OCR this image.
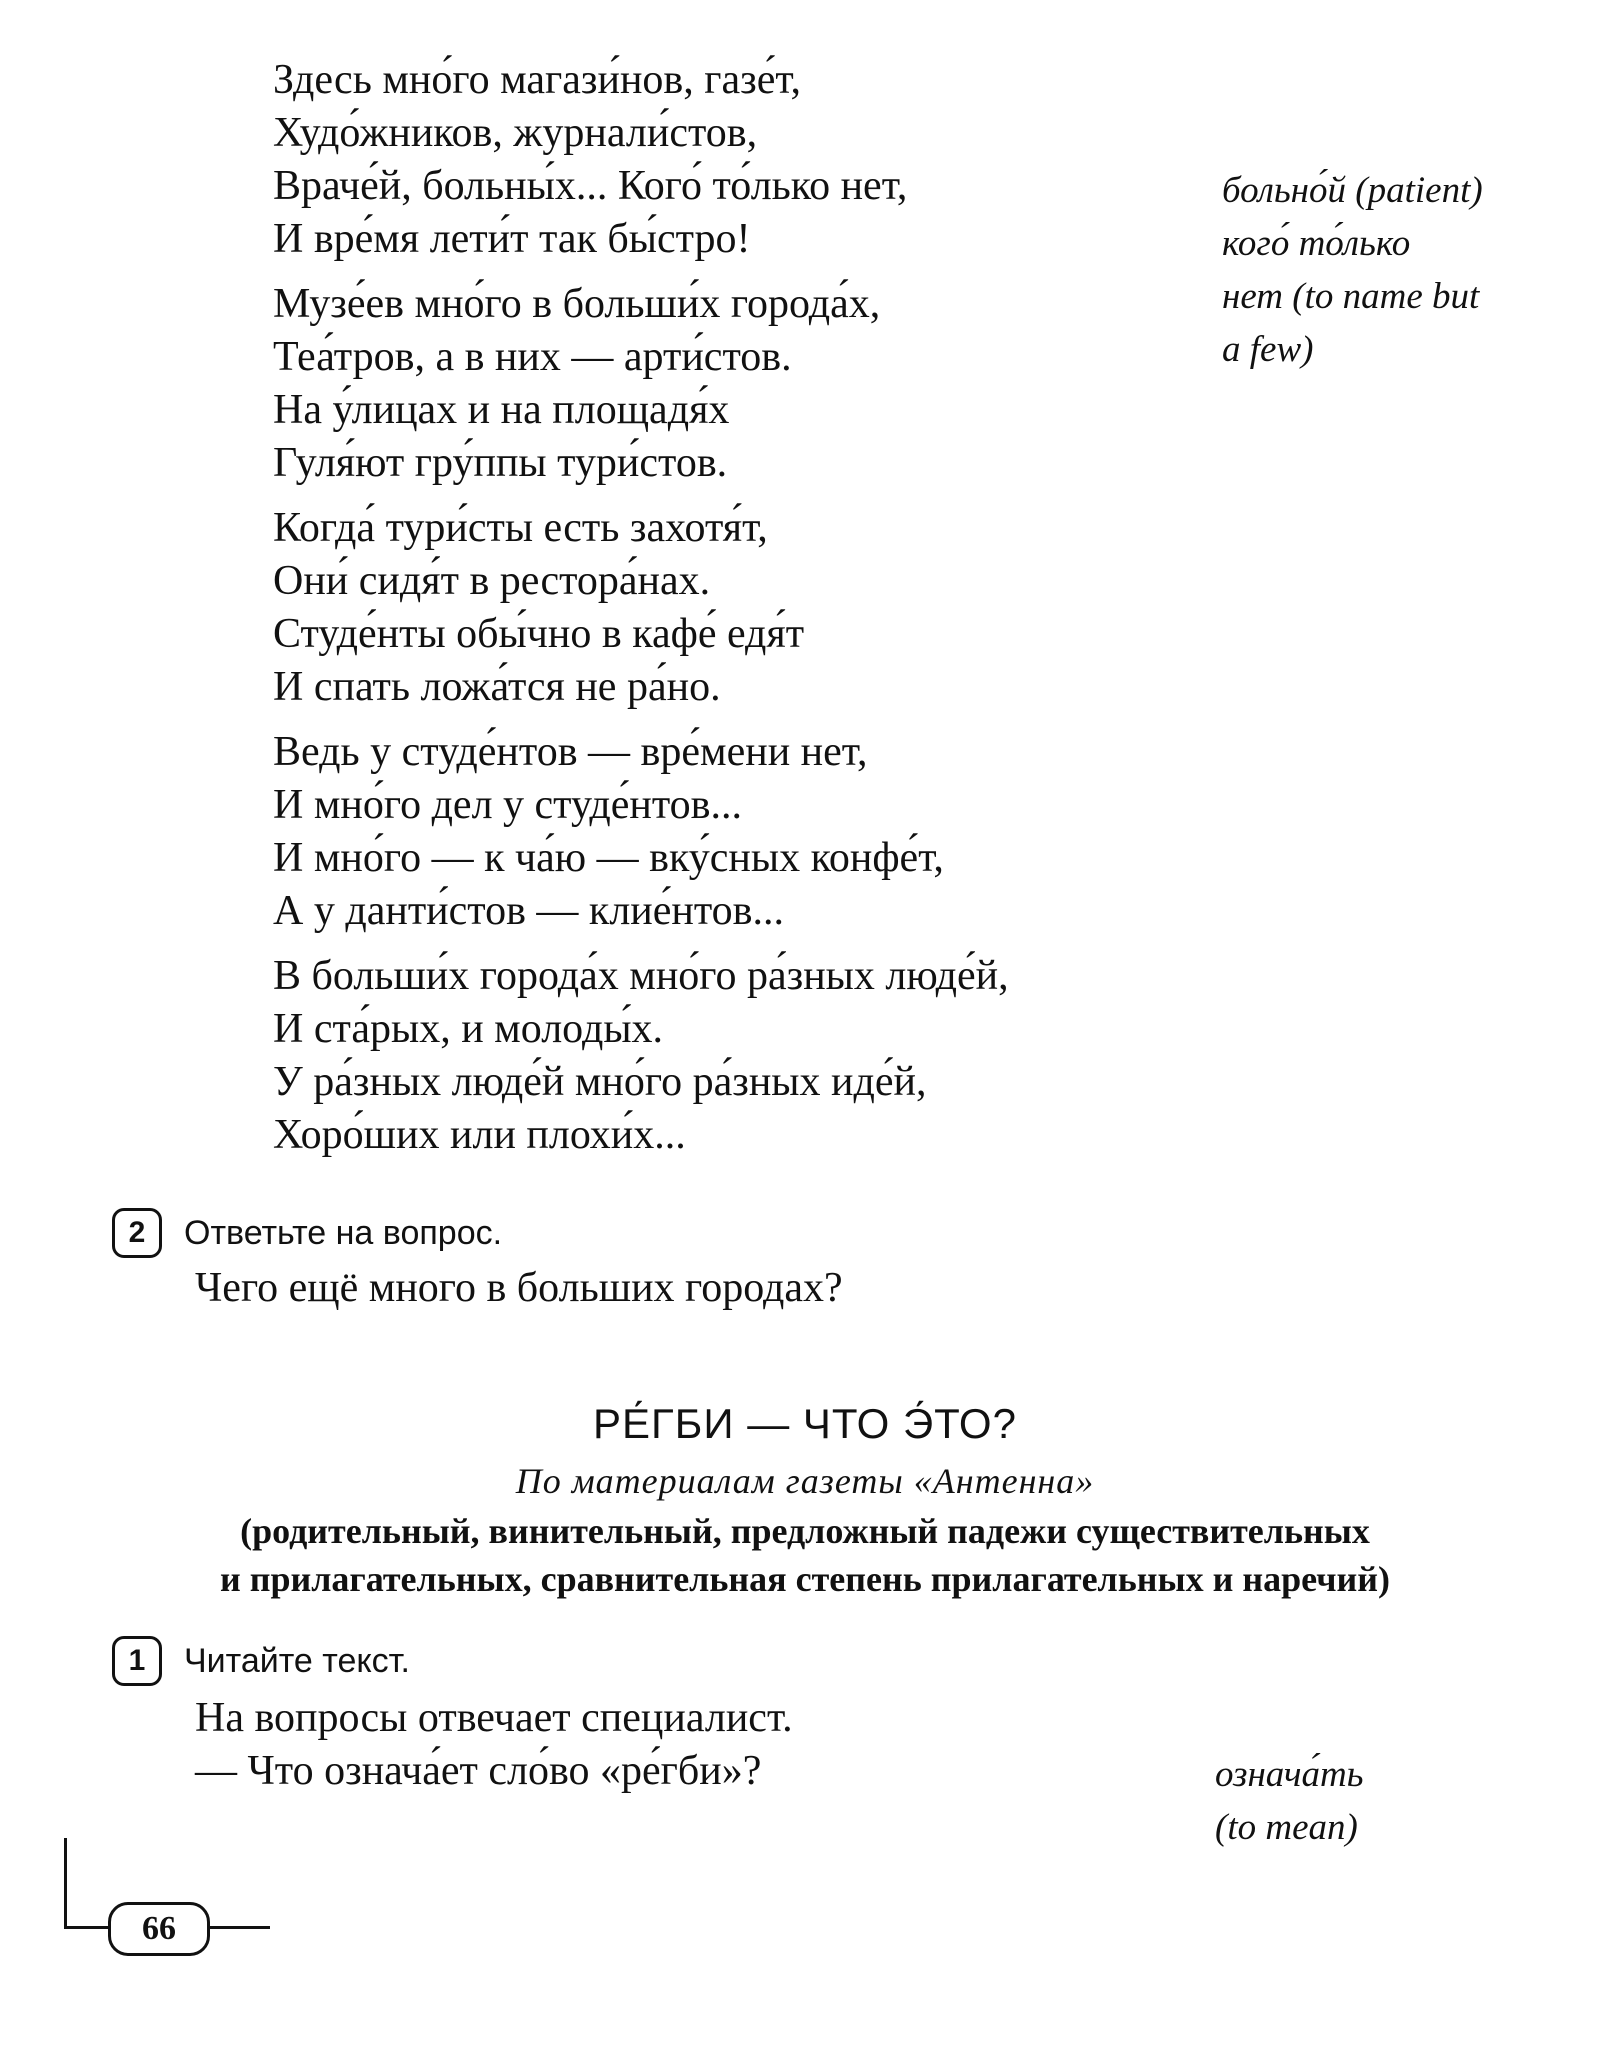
Здесь мно́го магази́нов, газе́т,
Худо́жников, журнали́стов,
Враче́й, больны́х... Кого́ то́лько нет,
И вре́мя лети́т так бы́стро!
Музе́ев мно́го в больши́х города́х,
Теа́тров, а в них — арти́стов.
На у́лицах и на площадя́х
Гуля́ют гру́ппы тури́стов.
Когда́ тури́сты есть захотя́т,
Они́ сидя́т в рестора́нах.
Студе́нты обы́чно в кафе́ едя́т
И спать ложа́тся не ра́но.
Ведь у студе́нтов — вре́мени нет,
И мно́го дел у студе́нтов...
И мно́го — к ча́ю — вку́сных конфе́т,
А у данти́стов — клие́нтов...
В больши́х города́х мно́го ра́зных люде́й,
И ста́рых, и молоды́х.
У ра́зных люде́й мно́го ра́зных иде́й,
Хоро́ших или плохи́х...
больно́й (patient)
кого́ то́лько
нет (to name but
a few)
2 Ответьте на вопрос.
Чего ещё много в больших городах?
РЕ́ГБИ — ЧТО Э́ТО?
По материалам газеты «Антенна»
(родительный, винительный, предложный падежи существительных
и прилагательных, сравнительная степень прилагательных и наречий)
1 Читайте текст.
На вопросы отвечает специалист.
— Что означа́ет сло́во «ре́гби»?	означа́ть
(to mean)
66
